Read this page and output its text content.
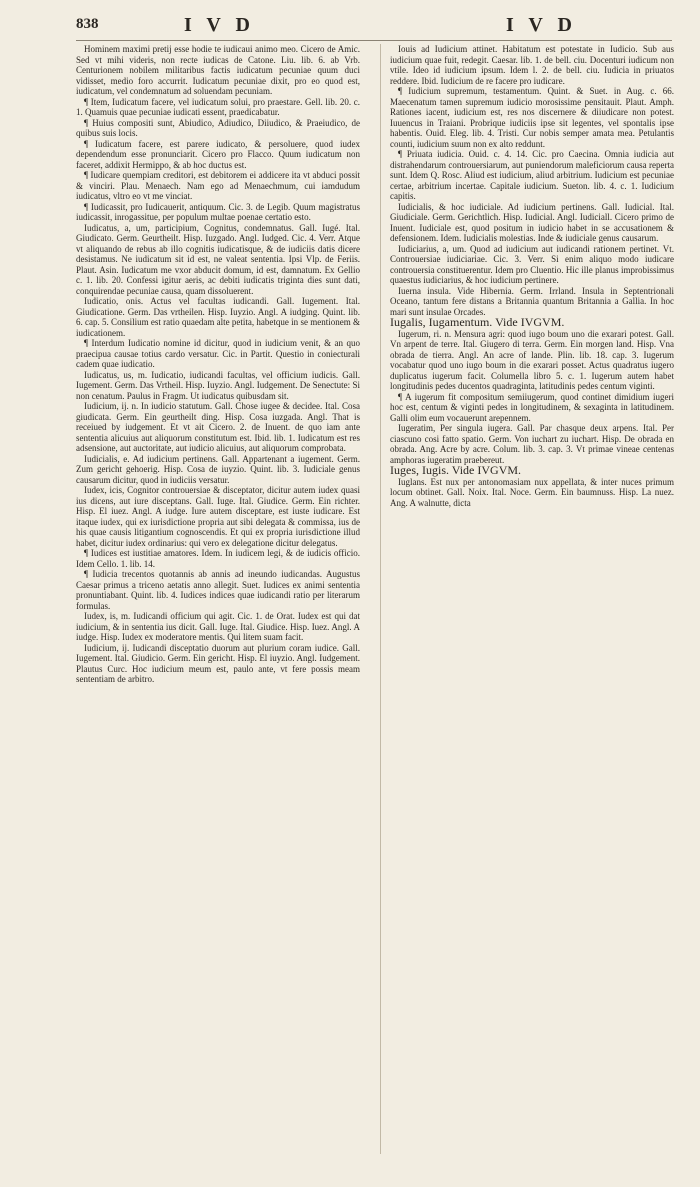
838	I V D	I V D

Hominem maximi pretij esse hodie te iudicaui animo meo. Cicero de Amic. Sed vt mihi videris, non recte iudicas de Catone. Liu. lib. 6. ab Vrb. Centurionem nobilem militaribus factis iudicatum pecuniae quum duci vidisset, medio foro accurrit. Iudicatum pecuniae dixit, pro eo quod est, iudicatum, vel condemnatum ad soluendam pecuniam.

¶ Item, Iudicatum facere, vel iudicatum solui, pro praestare. Gell. lib. 20. c. 1. Quamuis quae pecuniae iudicati essent, praedicabatur.

¶ Huius compositi sunt, Abiudico, Adiudico, Diiudico, & Praeiudico, de quibus suis locis.

¶ Iudicatum facere, est parere iudicato, & persoluere, quod iudex dependendum esse pronunciarit. Cicero pro Flacco. Quum iudicatum non faceret, addixit Hermippo, & ab hoc ductus est.

¶ Iudicare quempiam creditori, est debitorem ei addicere ita vt abduci possit & vinciri. Plau. Menaech. Nam ego ad Menaechmum, cui iamdudum iudicatus, vltro eo vt me vinciat.

¶ Iudicassit, pro Iudicauerit, antiquum. Cic. 3. de Legib. Quum magistratus iudicassit, inrogassitue, per populum multae poenae certatio esto.

Iudicatus, a, um, participium, Cognitus, condemnatus. Gall. Iugé. Ital. Giudicato. Germ. Geurtheilt. Hisp. Iuzgado. Angl. Iudged. Cic. 4. Verr. Atque vt aliquando de rebus ab illo cognitis iudicatisque, & de iudiciis datis dicere desistamus. Ne iudicatum sit id est, ne valeat sententia. Ipsi Vlp. de Feriis. Plaut. Asin. Iudicatum me vxor abducit domum, id est, damnatum. Ex Gellio c. 1. lib. 20. Confessi igitur aeris, ac debiti iudicatis triginta dies sunt dati, conquirendae pecuniae causa, quam dissoluerent.

Iudicatio, onis. Actus vel facultas iudicandi. Gall. Iugement. Ital. Giudicatione. Germ. Das vrtheilen. Hisp. Iuyzio. Angl. A iudging. Quint. lib. 6. cap. 5. Consilium est ratio quaedam alte petita, habetque in se mentionem & iudicationem.

¶ Interdum Iudicatio nomine id dicitur, quod in iudicium venit, & an quo praecipua causae totius cardo versatur. Cic. in Partit. Questio in coniecturali cadem quae iudicatio.

Iudicatus, us, m. Iudicatio, iudicandi facultas, vel officium iudicis. Gall. Iugement. Germ. Das Vrtheil. Hisp. Iuyzio. Angl. Iudgement. De Senectute: Si non cenatum. Paulus in Fragm. Ut iudicatus quibusdam sit.

Iudicium, ij. n. In iudicio statutum. Gall. Chose iugee & decidee. Ital. Cosa giudicata. Germ. Ein geurtheilt ding. Hisp. Cosa iuzgada. Angl. That is receiued by iudgement. Et vt ait Cicero. 2. de Inuent. de quo iam ante sententia alicuius aut aliquorum constitutum est. Ibid. lib. 1. Iudicatum est res adsensione, aut auctoritate, aut iudicio alicuius, aut aliquorum comprobata.

Iudicialis, e. Ad iudicium pertinens. Gall. Appartenant a iugement. Germ. Zum gericht gehoerig. Hisp. Cosa de iuyzio. Quint. lib. 3. Iudiciale genus causarum dicitur, quod in iudiciis versatur.

Iudex, icis, Cognitor controuersiae & disceptator, dicitur autem iudex quasi ius dicens, aut iure disceptans. Gall. Iuge. Ital. Giudice. Germ. Ein richter. Hisp. El iuez. Angl. A iudge. Iure autem disceptare, est iuste iudicare. Est itaque iudex, qui ex iurisdictione propria aut sibi delegata & commissa, ius de his quae causis litigantium cognoscendis. Et qui ex propria iurisdictione illud habet, dicitur iudex ordinarius: qui vero ex delegatione dicitur delegatus.

¶ Iudices est iustitiae amatores. Idem. In iudicem legi, & de iudicis officio. Idem Cello. 1. lib. 14.

¶ Iudicia trecentos quotannis ab annis ad ineundo iudicandas. Augustus Caesar primus a triceno aetatis anno allegit. Suet. Iudices ex animi sententia pronuntiabant. Quint. lib. 4. Iudices indices quae iudicandi ratio per literarum formulas.

Iudex, is, m. Iudicandi officium qui agit. Cic. 1. de Orat. Iudex est qui dat iudicium, & in sententia ius dicit. Gall. Iuge. Ital. Giudice. Hisp. Iuez. Angl. A iudge. Hisp. Iudex ex moderatore mentis. Qui litem suam facit.

Iudicium, ij. Iudicandi disceptatio duorum aut plurium coram iudice. Gall. Iugement. Ital. Giudicio. Germ. Ein gericht. Hisp. El iuyzio. Angl. Iudgement. Plautus Curc. Hoc iudicium meum est, paulo ante, vt fere possis meam sententiam de arbitro.

Iouis ad Iudicium attinet. Habitatum est potestate in Iudicio. Sub aus iudicium quae fuit, redegit. Caesar. lib. 1. de bell. ciu. Docenturi iudicum non vtile. Ideo id iudicium ipsum. Idem l. 2. de bell. ciu. Iudicia in priuatos reddere. Ibid. Iudicium de re facere pro iudicare.

¶ Iudicium supremum, testamentum. Quint. & Suet. in Aug. c. 66. Maecenatum tamen supremum iudicio morosissime pensitauit. Plaut. Amph. Rationes iacent, iudicium est, res nos discernere & diiudicare non potest. Iuuencus in Traiani. Probrique iudiciis ipse sit legentes, vel spontalis ipse habentis. Ouid. Eleg. lib. 4. Tristi. Cur nobis semper amata mea. Petulantis counti, iudicium suum non ex alto reddunt.

¶ Priuata iudicia. Ouid. c. 4. 14. Cic. pro Caecina. Omnia iudicia aut distrahendarum controuersiarum, aut puniendorum maleficiorum causa reperta sunt. Idem Q. Rosc. Aliud est iudicium, aliud arbitrium. Iudicium est pecuniae certae, arbitrium incertae. Capitale iudicium. Sueton. lib. 4. c. 1. Iudicium capitis.

Iudicialis, & hoc iudiciale. Ad iudicium pertinens. Gall. Iudicial. Ital. Giudiciale. Germ. Gerichtlich. Hisp. Iudicial. Angl. Iudiciall. Cicero primo de Inuent. Iudiciale est, quod positum in iudicio habet in se accusationem & defensionem. Idem. Iudicialis molestias. Inde & iudiciale genus causarum.

Iudiciarius, a, um. Quod ad iudicium aut iudicandi rationem pertinet. Vt. Controuersiae iudiciariae. Cic. 3. Verr. Si enim aliquo modo iudicare controuersia constituerentur. Idem pro Cluentio. Hic ille planus improbissimus quaestus iudiciarius, & hoc iudicium pertinere.

Iuerna insula. Vide Hibernia. Germ. Irrland. Insula in Septentrionali Oceano, tantum fere distans a Britannia quantum Britannia a Gallia. In hoc mari sunt insulae Orcades.

Iugalis, Iugamentum. Vide IVGVM.

Iugerum, ri. n. Mensura agri: quod iugo boum uno die exarari potest. Gall. Vn arpent de terre. Ital. Giugero di terra. Germ. Ein morgen land. Hisp. Vna obrada de tierra. Angl. An acre of lande. Plin. lib. 18. cap. 3. Iugerum vocabatur quod uno iugo boum in die exarari posset. Actus quadratus iugero duplicatus iugerum facit. Columella libro 5. c. 1. Iugerum autem habet longitudinis pedes ducentos quadraginta, latitudinis pedes centum viginti.

¶ A iugerum fit compositum semiiugerum, quod continet dimidium iugeri hoc est, centum & viginti pedes in longitudinem, & sexaginta in latitudinem. Galli olim eum vocauerunt arepennem.

Iugeratim, Per singula iugera. Gall. Par chasque deux arpens. Ital. Per ciascuno cosi fatto spatio. Germ. Von iuchart zu iuchart. Hisp. De obrada en obrada. Ang. Acre by acre. Colum. lib. 3. cap. 3. Vt primae vineae centenas amphoras iugeratim praebereut.

Iuges, Iugis. Vide IVGVM.

Iuglans. Est nux per antonomasiam nux appellata, & inter nuces primum locum obtinet. Gall. Noix. Ital. Noce. Germ. Ein baumnuss. Hisp. La nuez. Ang. A walnutte, dicta
